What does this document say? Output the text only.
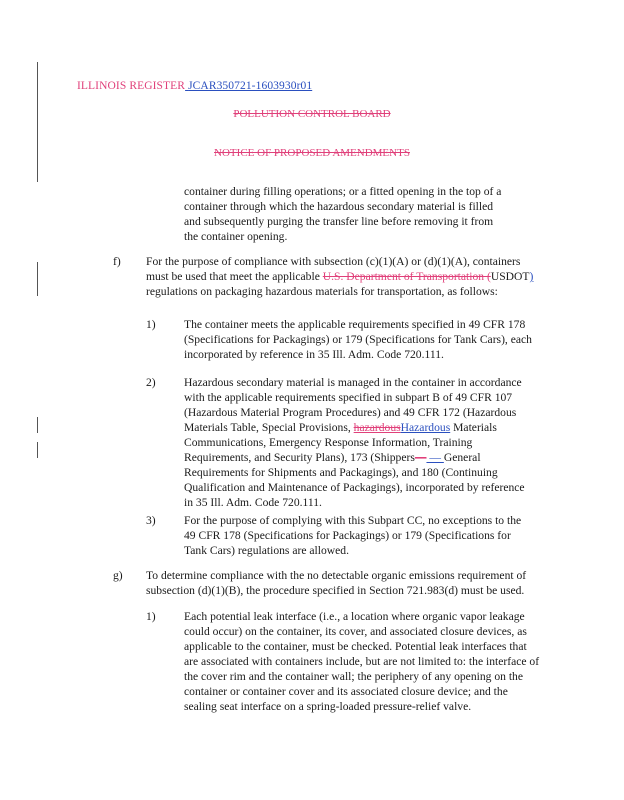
ILLINOIS REGISTER JCAR350721-1603930r01
POLLUTION CONTROL BOARD
NOTICE OF PROPOSED AMENDMENTS
container during filling operations; or a fitted opening in the top of a container through which the hazardous secondary material is filled and subsequently purging the transfer line before removing it from the container opening.
f) For the purpose of compliance with subsection (c)(1)(A) or (d)(1)(A), containers must be used that meet the applicable U.S. Department of Transportation (USDOT) regulations on packaging hazardous materials for transportation, as follows:
1) The container meets the applicable requirements specified in 49 CFR 178 (Specifications for Packagings) or 179 (Specifications for Tank Cars), each incorporated by reference in 35 Ill. Adm. Code 720.111.
2) Hazardous secondary material is managed in the container in accordance with the applicable requirements specified in subpart B of 49 CFR 107 (Hazardous Material Program Procedures) and 49 CFR 172 (Hazardous Materials Table, Special Provisions, hazardousHazardous Materials Communications, Emergency Response Information, Training Requirements, and Security Plans), 173 (Shippers— — General Requirements for Shipments and Packagings), and 180 (Continuing Qualification and Maintenance of Packagings), incorporated by reference in 35 Ill. Adm. Code 720.111.
3) For the purpose of complying with this Subpart CC, no exceptions to the 49 CFR 178 (Specifications for Packagings) or 179 (Specifications for Tank Cars) regulations are allowed.
g) To determine compliance with the no detectable organic emissions requirement of subsection (d)(1)(B), the procedure specified in Section 721.983(d) must be used.
1) Each potential leak interface (i.e., a location where organic vapor leakage could occur) on the container, its cover, and associated closure devices, as applicable to the container, must be checked. Potential leak interfaces that are associated with containers include, but are not limited to: the interface of the cover rim and the container wall; the periphery of any opening on the container or container cover and its associated closure device; and the sealing seat interface on a spring-loaded pressure-relief valve.
